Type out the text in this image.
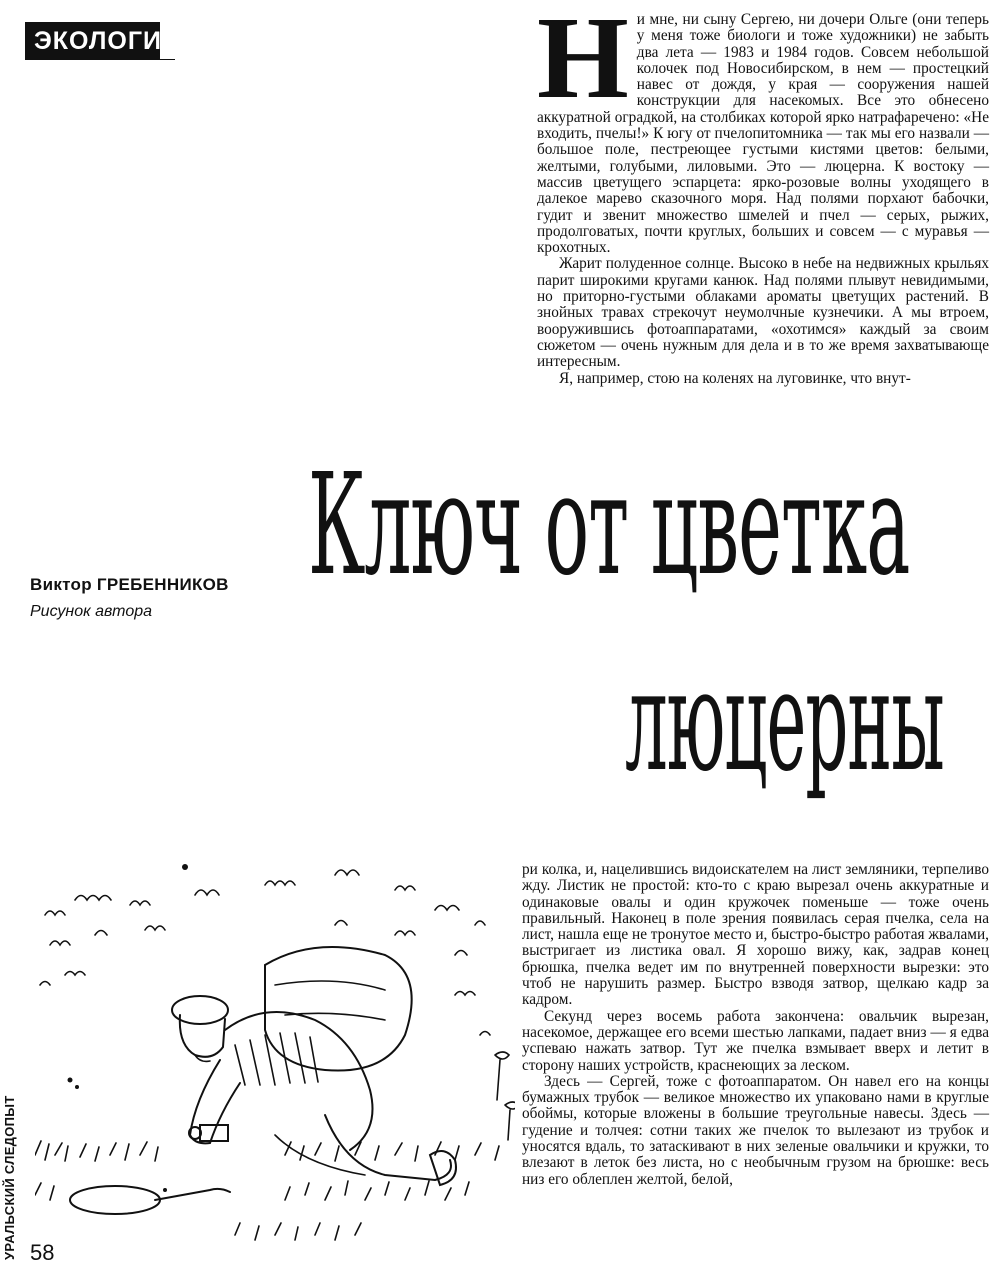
ЭКОЛОГИЯ	Н и мне, ни сыну Сергею, ни дочери Ольге (они теперь у меня тоже биологи и тоже художники) не забыть два лета — 1983 и 1984 годов. Совсем небольшой колочек под Новосибирском, в нем — простецкий навес от дождя, у края — сооружения нашей конструкции для насекомых. Все это обнесено аккуратной оградкой, на столбиках которой ярко натрафаречено: «Не входить, пчелы!» К югу от пчелопитомника — так мы его назвали — большое поле, пестреющее густыми кистями цветов: белыми, желтыми, голубыми, лиловыми. Это — люцерна. К востоку — массив цветущего эспарцета: ярко-розовые волны уходящего в далекое марево сказочного моря. Над полями порхают бабочки, гудит и звенит множество шмелей и пчел — серых, рыжих, продолговатых, почти круглых, больших и совсем — с муравья — крохотных.

Жарит полуденное солнце. Высоко в небе на недвижных крыльях парит широкими кругами канюк. Над полями плывут невидимыми, но приторно-густыми облаками ароматы цветущих растений. В знойных травах стрекочут неумолчные кузнечики. А мы втроем, вооружившись фотоаппаратами, «охотимся» каждый за своим сюжетом — очень нужным для дела и в то же время захватывающе интересным.

Я, например, стою на коленях на луговинке, что внут-

Ключ от цветка
люцерны
Виктор ГРЕБЕННИКОВ
Рисунок автора

ри колка, и, нацелившись видоискателем на лист земляники, терпеливо жду. Листик не простой: кто-то с краю вырезал очень аккуратные и одинаковые овалы и один кружочек поменьше — тоже очень правильный. Наконец в поле зрения появилась серая пчелка, села на лист, нашла еще не тронутое место и, быстро-быстро работая жвалами, выстригает из листика овал. Я хорошо вижу, как, задрав конец брюшка, пчелка ведет им по внутренней поверхности вырезки: это чтоб не нарушить размер. Быстро взводя затвор, щелкаю кадр за кадром.

Секунд через восемь работа закончена: овальчик вырезан, насекомое, держащее его всеми шестью лапками, падает вниз — я едва успеваю нажать затвор. Тут же пчелка взмывает вверх и летит в сторону наших устройств, краснеющих за леском.

Здесь — Сергей, тоже с фотоаппаратом. Он навел его на концы бумажных трубок — великое множество их упаковано нами в круглые обоймы, которые вложены в большие треугольные навесы. Здесь — гудение и толчея: сотни таких же пчелок то вылезают из трубок и уносятся вдаль, то затаскивают в них зеленые овальчики и кружки, то влезают в леток без листа, но с необычным грузом на брюшке: весь низ его облеплен желтой, белой,

УРАЛЬСКИЙ СЛЕДОПЫТ 58
